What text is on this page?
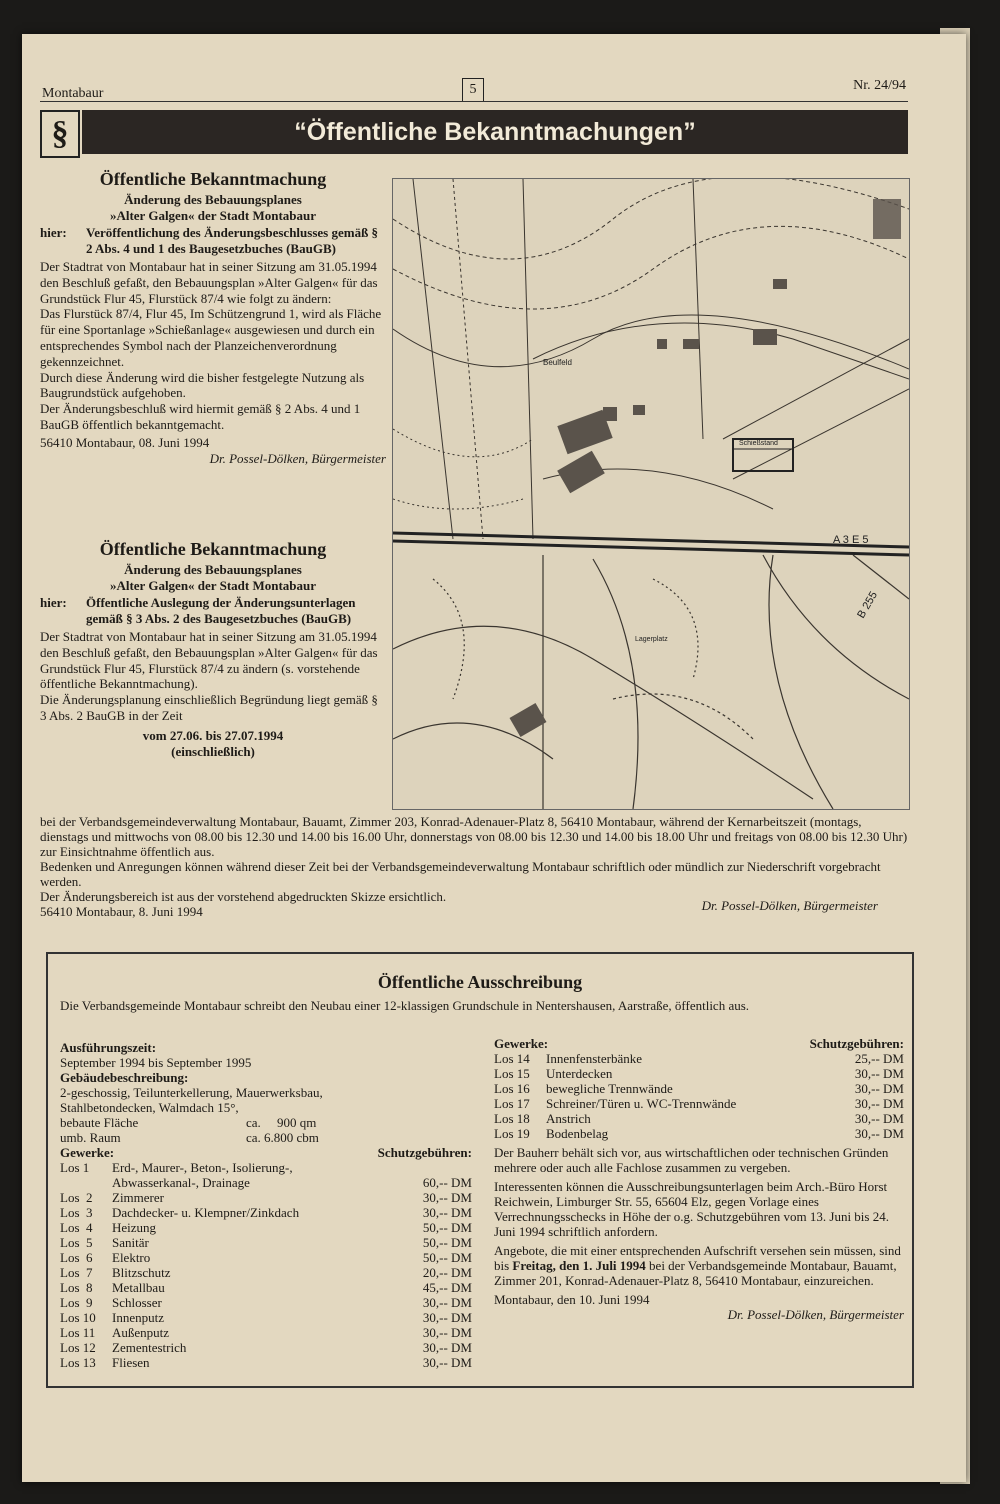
Montabaur	5	Nr. 24/94
§	“Öffentliche Bekanntmachungen”
Öffentliche Bekanntmachung
Änderung des Bebauungsplanes
»Alter Galgen« der Stadt Montabaur
hier:	Veröffentlichung des Änderungsbeschlusses gemäß § 2 Abs. 4 und 1 des Baugesetzbuches (BauGB)
Der Stadtrat von Montabaur hat in seiner Sitzung am 31.05.1994 den Beschluß gefaßt, den Bebauungsplan »Alter Galgen« für das Grundstück Flur 45, Flurstück 87/4 wie folgt zu ändern:
Das Flurstück 87/4, Flur 45, Im Schützengrund 1, wird als Fläche für eine Sportanlage »Schießanlage« ausgewiesen und durch ein entsprechendes Symbol nach der Planzeichenverordnung gekennzeichnet.
Durch diese Änderung wird die bisher festgelegte Nutzung als Baugrundstück aufgehoben.
Der Änderungsbeschluß wird hiermit gemäß § 2 Abs. 4 und 1 BauGB öffentlich bekanntgemacht.
56410 Montabaur, 08. Juni 1994
Dr. Possel-Dölken, Bürgermeister
Öffentliche Bekanntmachung
Änderung des Bebauungsplanes
»Alter Galgen« der Stadt Montabaur
hier:	Öffentliche Auslegung der Änderungsunterlagen gemäß § 3 Abs. 2 des Baugesetzbuches (BauGB)
Der Stadtrat von Montabaur hat in seiner Sitzung am 31.05.1994 den Beschluß gefaßt, den Bebauungsplan »Alter Galgen« für das Grundstück Flur 45, Flurstück 87/4 zu ändern (s. vorstehende öffentliche Bekanntmachung).
Die Änderungsplanung einschließlich Begründung liegt gemäß § 3 Abs. 2 BauGB in der Zeit
vom 27.06. bis 27.07.1994
(einschließlich)
A 3 E 5
B 255
Beulfeld
Schießstand
Lagerplatz
bei der Verbandsgemeindeverwaltung Montabaur, Bauamt, Zimmer 203, Konrad-Adenauer-Platz 8, 56410 Montabaur, während der Kernarbeitszeit (montags, dienstags und mittwochs von 08.00 bis 12.30 und 14.00 bis 16.00 Uhr, donnerstags von 08.00 bis 12.30 und 14.00 bis 18.00 Uhr und freitags von 08.00 bis 12.30 Uhr) zur Einsichtnahme öffentlich aus.
Bedenken und Anregungen können während dieser Zeit bei der Verbandsgemeindeverwaltung Montabaur schriftlich oder mündlich zur Niederschrift vorgebracht werden.
Der Änderungsbereich ist aus der vorstehend abgedruckten Skizze ersichtlich.
56410 Montabaur, 8. Juni 1994	Dr. Possel-Dölken, Bürgermeister
Öffentliche Ausschreibung
Die Verbandsgemeinde Montabaur schreibt den Neubau einer 12-klassigen Grundschule in Nentershausen, Aarstraße, öffentlich aus.
Ausführungszeit:
September 1994 bis September 1995
Gebäudebeschreibung:
2-geschossig, Teilunterkellerung, Mauerwerksbau,
Stahlbetondecken, Walmdach 15°,
bebaute Fläche	ca.     900 qm
umb. Raum	ca. 6.800 cbm
Gewerke:	Schutzgebühren:
Los 1	Erd-, Maurer-, Beton-, Isolierung-,	
	Abwasserkanal-, Drainage	60,-- DM
Los  2	Zimmerer	30,-- DM
Los  3	Dachdecker- u. Klempner/Zinkdach	30,-- DM
Los  4	Heizung	50,-- DM
Los  5	Sanitär	50,-- DM
Los  6	Elektro	50,-- DM
Los  7	Blitzschutz	20,-- DM
Los  8	Metallbau	45,-- DM
Los  9	Schlosser	30,-- DM
Los 10	Innenputz	30,-- DM
Los 11	Außenputz	30,-- DM
Los 12	Zementestrich	30,-- DM
Los 13	Fliesen	30,-- DM
Gewerke:	Schutzgebühren:
Los 14	Innenfensterbänke	25,-- DM
Los 15	Unterdecken	30,-- DM
Los 16	bewegliche Trennwände	30,-- DM
Los 17	Schreiner/Türen u. WC-Trennwände	30,-- DM
Los 18	Anstrich	30,-- DM
Los 19	Bodenbelag	30,-- DM
Der Bauherr behält sich vor, aus wirtschaftlichen oder technischen Gründen mehrere oder auch alle Fachlose zusammen zu vergeben.
Interessenten können die Ausschreibungsunterlagen beim Arch.-Büro Horst Reichwein, Limburger Str. 55, 65604 Elz, gegen Vorlage eines Verrechnungsschecks in Höhe der o.g. Schutzgebühren vom 13. Juni bis 24. Juni 1994 schriftlich anfordern.
Angebote, die mit einer entsprechenden Aufschrift versehen sein müssen, sind bis Freitag, den 1. Juli 1994 bei der Verbandsgemeinde Montabaur, Bauamt, Zimmer 201, Konrad-Adenauer-Platz 8, 56410 Montabaur, einzureichen.
Montabaur, den 10. Juni 1994
Dr. Possel-Dölken, Bürgermeister
